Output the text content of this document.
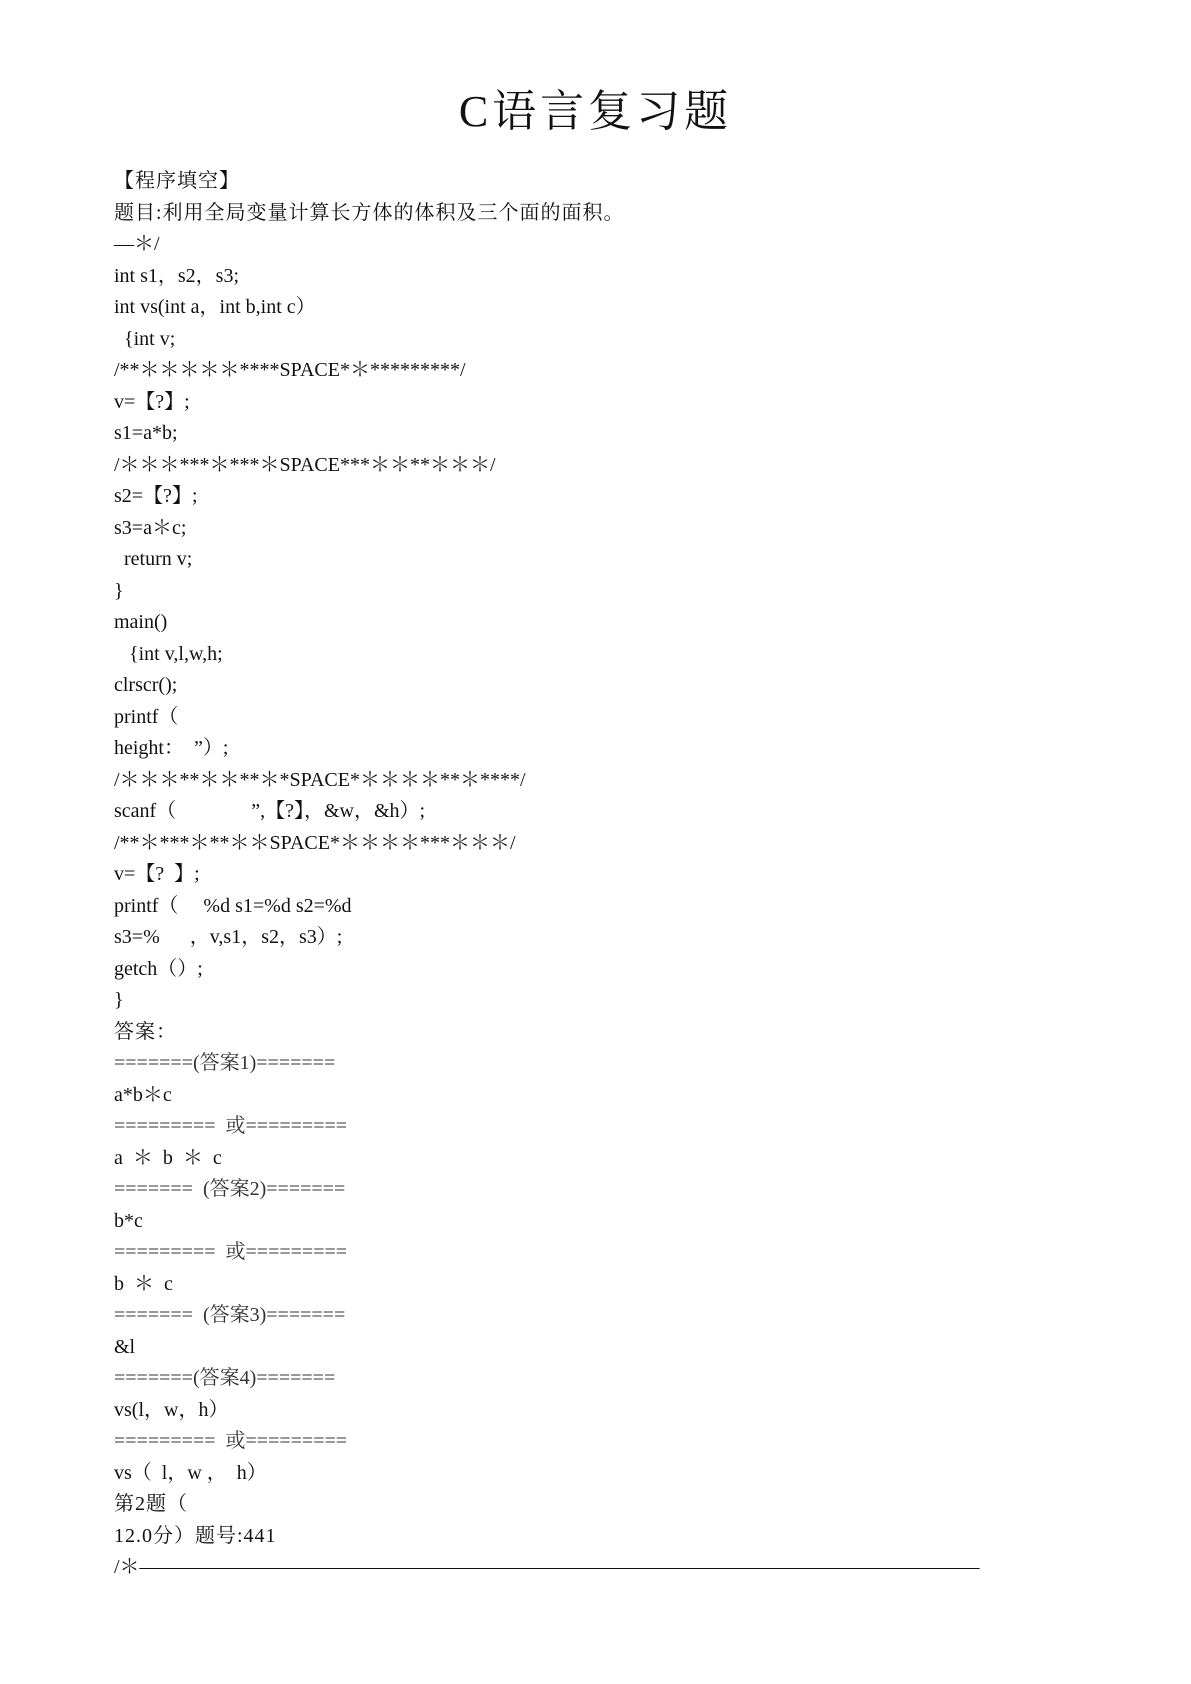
C语言复习题
【程序填空】
题目:利用全局变量计算长方体的体积及三个面的面积。
—＊/
int s1，s2，s3;
int vs(int a，int b,int c）
{int v;
/**＊＊＊＊＊****SPACE*＊*********/
v=【?】;
s1=a*b;
/＊＊＊***＊***＊SPACE***＊＊**＊＊＊/
s2=【?】;
s3=a＊c;
return v;
}
main()
{int v,l,w,h;
clrscr();
printf（
height：  ”）;
/＊＊＊**＊＊**＊*SPACE*＊＊＊＊**＊****/
scanf（               ”,【?】，&w，&h）;
/**＊***＊**＊＊SPACE*＊＊＊＊***＊＊＊/
v=【?  】;
printf（     %d s1=%d s2=%d
s3=%      ，v,s1，s2，s3）;
getch（）;
}
答案：
=======(答案1)=======
a*b＊c
=========  或=========
a  ＊  b  ＊  c
=======  (答案2)=======
b*c
=========  或=========
b  ＊  c
=======  (答案3)=======
&l
=======(答案4)=======
vs(l，w，h）
=========  或=========
vs（  l，w ，  h）
第2题（
12.0分）题号:441
/＊——————————————————————————————————————————
